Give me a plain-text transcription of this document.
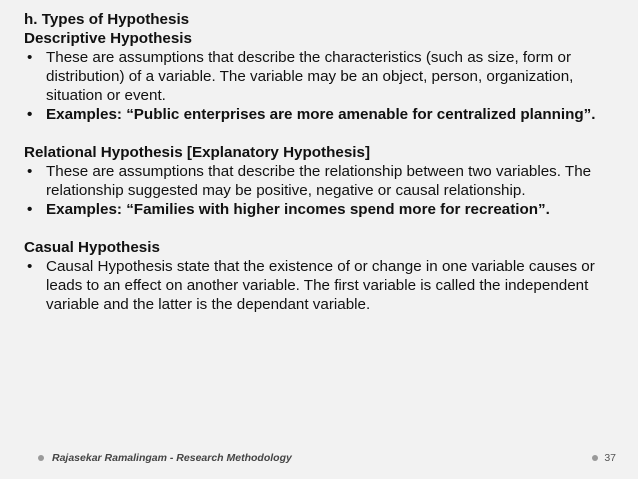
h. Types of Hypothesis

Descriptive Hypothesis

• These are assumptions that describe the characteristics (such as size, form or distribution) of a variable. The variable may be an object, person, organization, situation or event.
• Examples: “Public enterprises are more amenable for centralized planning”.

Relational Hypothesis [Explanatory Hypothesis]

• These are assumptions that describe the relationship between two variables. The relationship suggested may be positive, negative or causal relationship.
• Examples: “Families with higher incomes spend more for recreation”.

Casual Hypothesis

• Causal Hypothesis state that the existence of or change in one variable causes or leads to an effect on another variable. The first variable is called the independent variable and the latter is the dependant variable.
Rajasekar Ramalingam - Research Methodology	37
